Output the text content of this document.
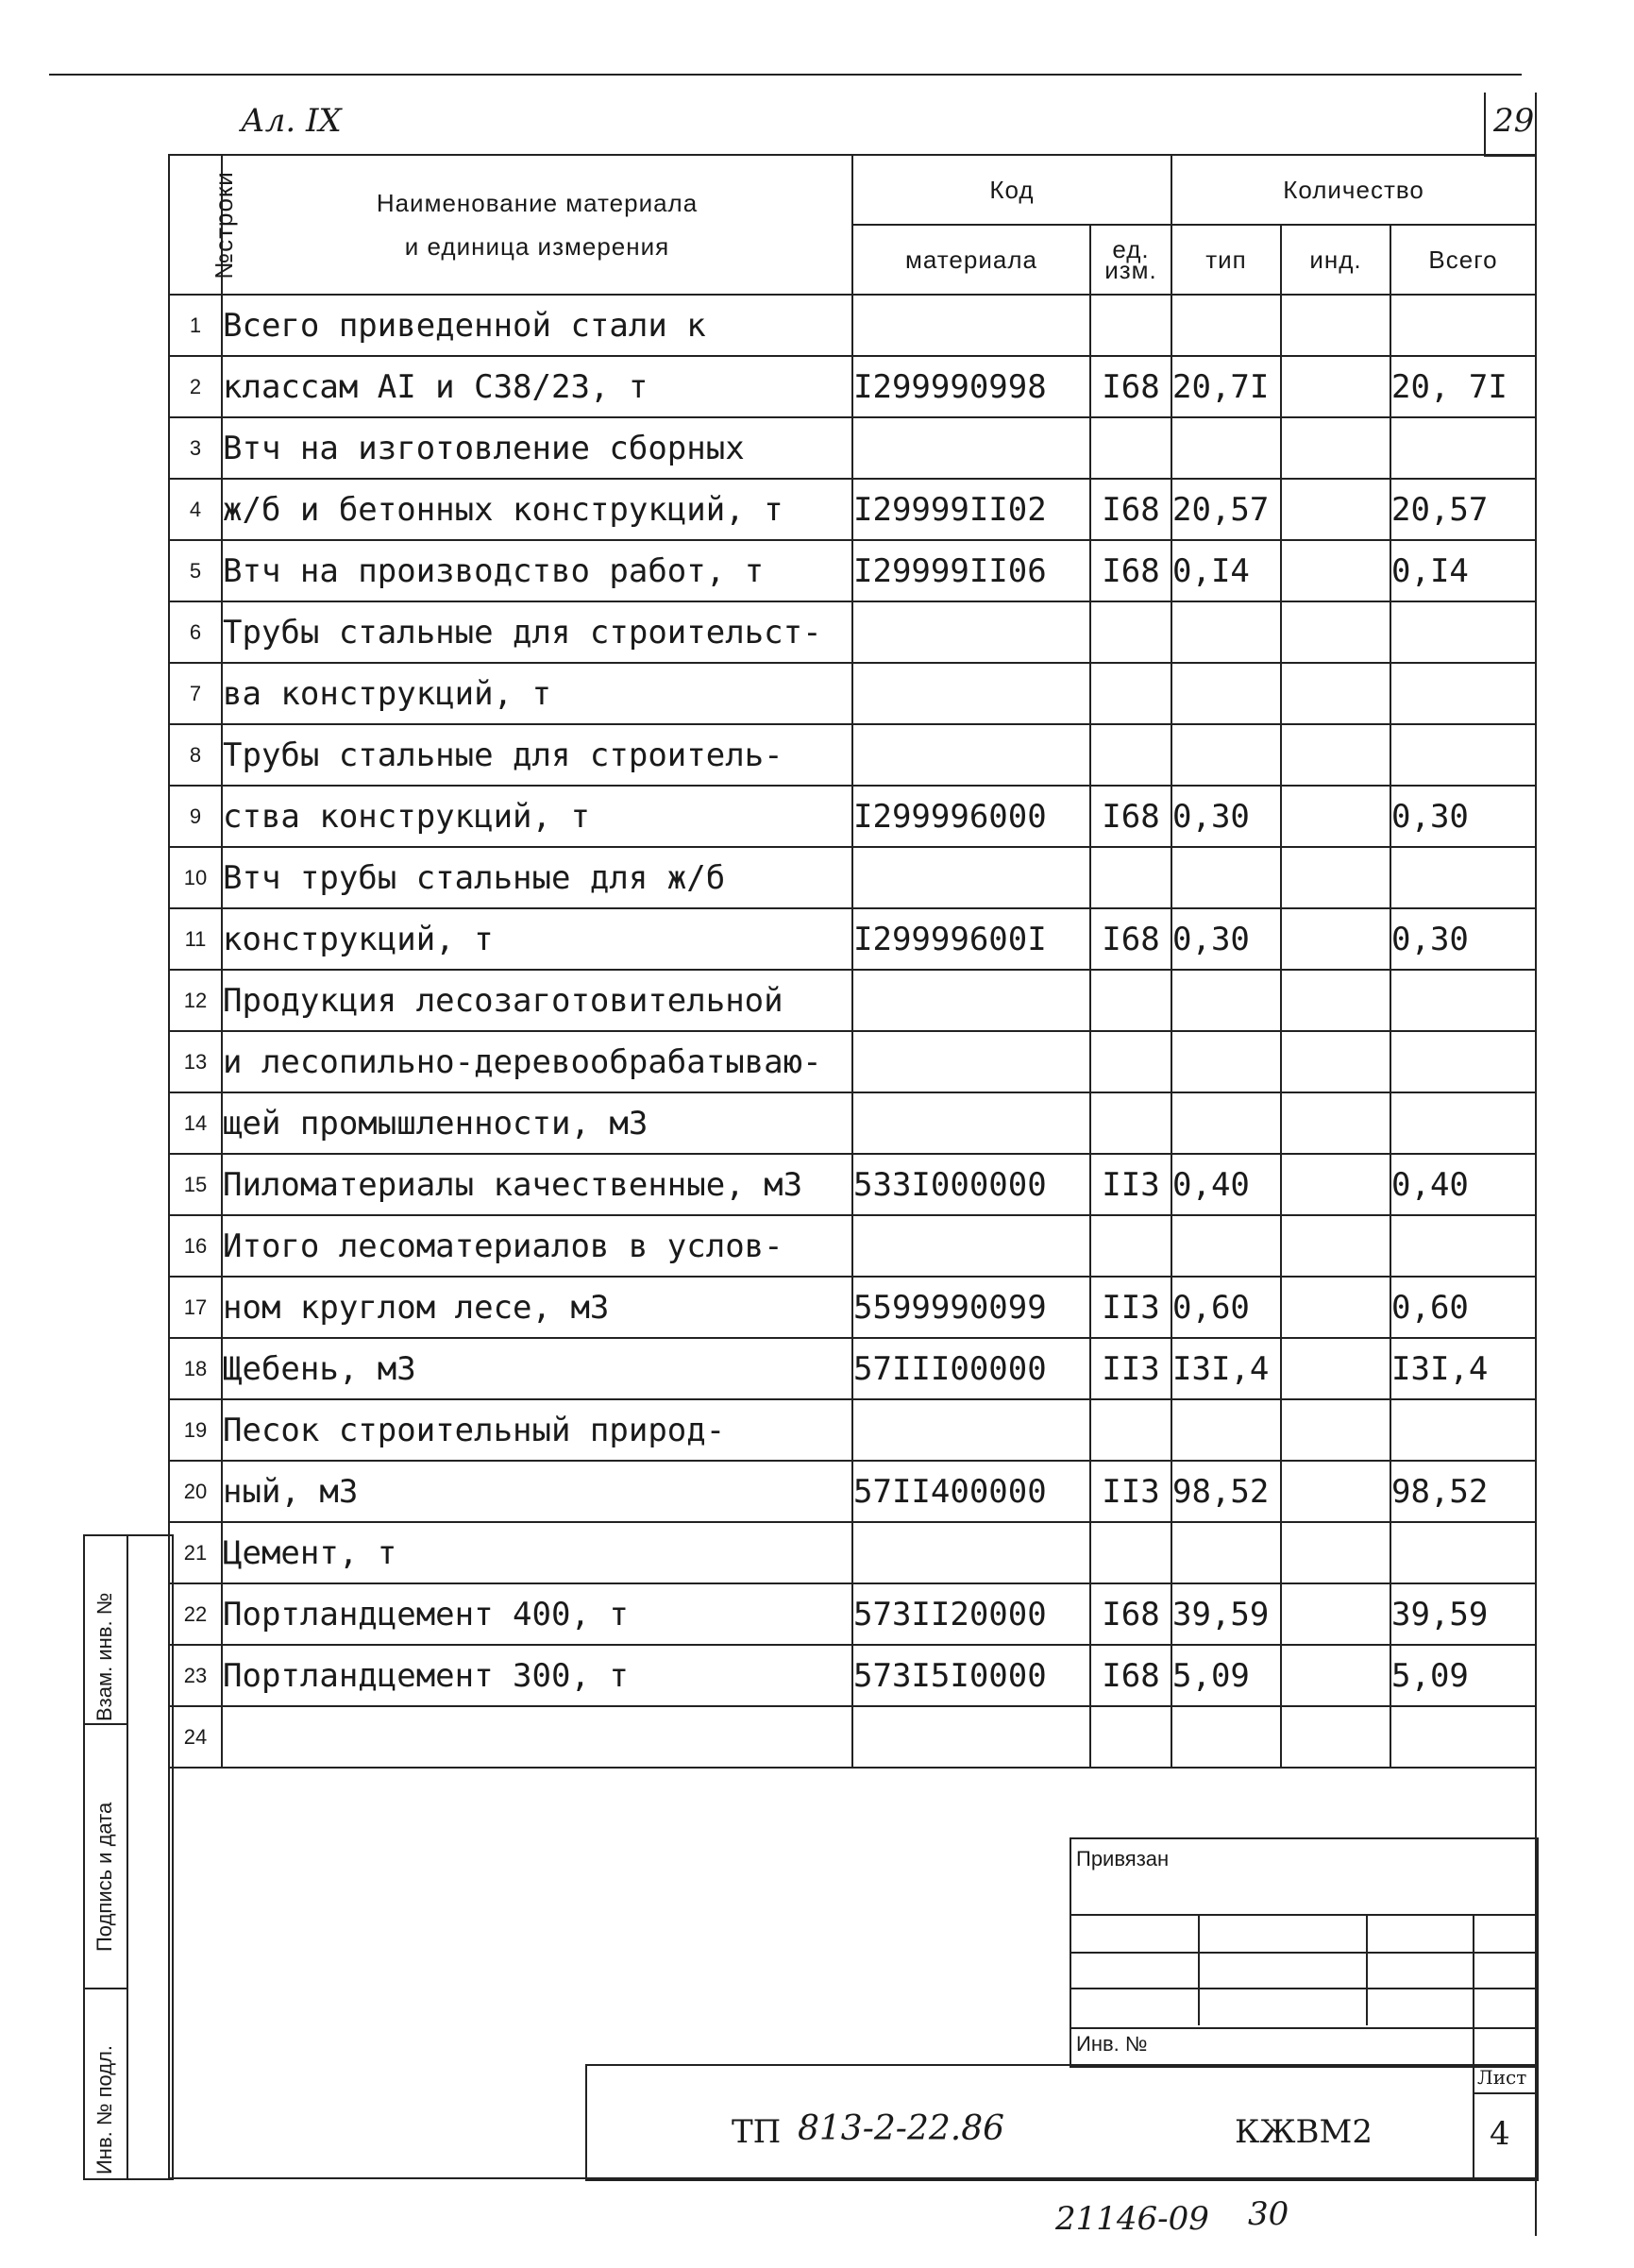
Ал. IX	29
№строки	Наименование материала
и единица измерения	Код		Количество		
		материала	ед. изм.	тип	инд.	Всего
1	Всего приведенной стали к					
2	классам АI и С38/23, т	I299990998	I68	20,7I		20, 7I
3	Втч на изготовление сборных					
4	ж/б и бетонных конструкций, т	I29999II02	I68	20,57		20,57
5	Втч на производство работ, т	I29999II06	I68	0,I4		0,I4
6	Трубы стальные для строительст-					
7	ва конструкций, т					
8	Трубы стальные для строитель-					
9	ства конструкций, т	I299996000	I68	0,30		0,30
10	Втч трубы стальные для ж/б					
11	конструкций, т	I29999600I	I68	0,30		0,30
12	Продукция лесозаготовительной					
13	и лесопильно-деревообрабатываю-					
14	щей промышленности, м3					
15	Пиломатериалы качественные, м3	533I000000	II3	0,40		0,40
16	Итого лесоматериалов в услов-					
17	ном круглом лесе, м3	5599990099	II3	0,60		0,60
18	Щебень, м3	57III00000	II3	I3I,4		I3I,4
19	Песок строительный природ-					
20	ный, м3	57II400000	II3	98,52		98,52
21	Цемент, т					
22	Портландцемент 400, т	573II20000	I68	39,59		39,59
23	Портландцемент 300, т	573I5I0000	I68	5,09		5,09
24						
Взам. инв. №
Подпись и дата
Инв. № подл.
Привязан
Инв. №
Лист
4
ТП 813-2-22.86	КЖВМ2
21146-09 30
